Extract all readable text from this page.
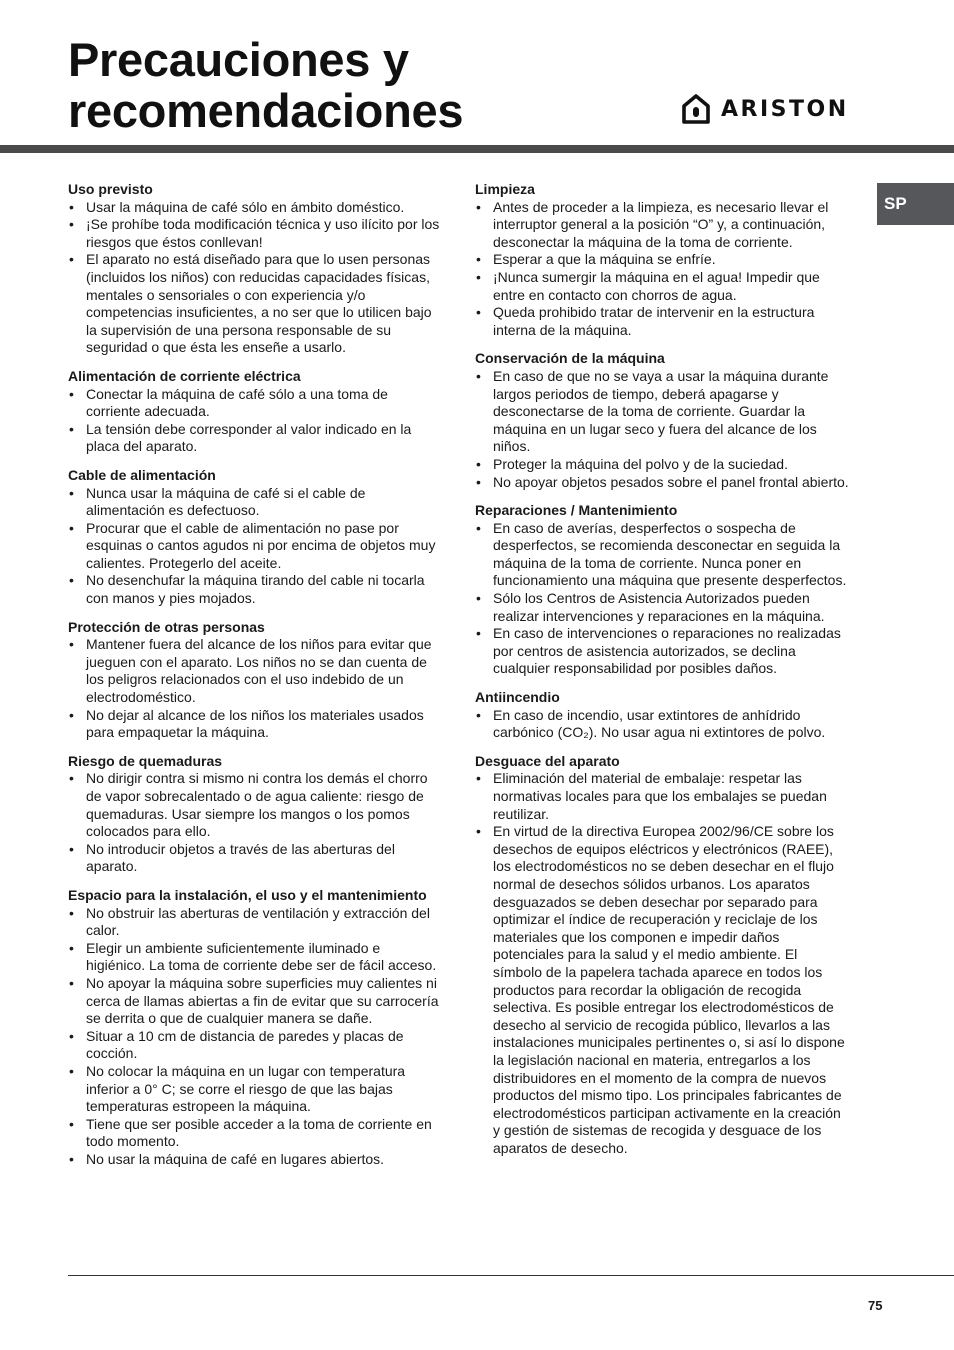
Precauciones y
recomendaciones	ARISTON
SP

Uso previsto

• Usar la máquina de café sólo en ámbito doméstico.
• ¡Se prohíbe toda modificación técnica y uso ilícito por los riesgos que éstos conllevan!
• El aparato no está diseñado para que lo usen personas (incluidos los niños) con reducidas capacidades físicas, mentales o sensoriales o con experiencia y/o competencias insuficientes, a no ser que lo utilicen bajo la supervisión de una persona responsable de su seguridad o que ésta les enseñe a usarlo.

Alimentación de corriente eléctrica

• Conectar la máquina de café sólo a una toma de corriente adecuada.
• La tensión debe corresponder al valor indicado en la placa del aparato.

Cable de alimentación

• Nunca usar la máquina de café si el cable de alimentación es defectuoso.
• Procurar que el cable de alimentación no pase por esquinas o cantos agudos ni por encima de objetos muy calientes. Protegerlo del aceite.
• No desenchufar la máquina tirando del cable ni tocarla con manos y pies mojados.

Protección de otras personas

• Mantener fuera del alcance de los niños para evitar que jueguen con el aparato. Los niños no se dan cuenta de los peligros relacionados con el uso indebido de un electrodoméstico.
• No dejar al alcance de los niños los materiales usados para empaquetar la máquina.

Riesgo de quemaduras

• No dirigir contra si mismo ni contra los demás el chorro de vapor sobrecalentado o de agua caliente: riesgo de quemaduras. Usar siempre los mangos o los pomos colocados para ello.
• No introducir objetos a través de las aberturas del aparato.

Espacio para la instalación, el uso y el mantenimiento

• No obstruir las aberturas de ventilación y extracción del calor.
• Elegir un ambiente suficientemente iluminado e higiénico. La toma de corriente debe ser de fácil acceso.
• No apoyar la máquina sobre superficies muy calientes ni cerca de llamas abiertas a fin de evitar que su carrocería se derrita o que de cualquier manera se dañe.
• Situar a 10 cm de distancia de paredes y placas de cocción.
• No colocar la máquina en un lugar con temperatura inferior a 0° C; se corre el riesgo de que las bajas temperaturas estropeen la máquina.
• Tiene que ser posible acceder a la toma de corriente en todo momento.
• No usar la máquina de café en lugares abiertos.

Limpieza

• Antes de proceder a la limpieza, es necesario llevar el interruptor general a la posición “O” y, a continuación, desconectar la máquina de la toma de corriente.
• Esperar a que la máquina se enfríe.
• ¡Nunca sumergir la máquina en el agua! Impedir que entre en contacto con chorros de agua.
• Queda prohibido tratar de intervenir en la estructura interna de la máquina.

Conservación de la máquina

• En caso de que no se vaya a usar la máquina durante largos periodos de tiempo, deberá apagarse y desconectarse de la toma de corriente. Guardar la máquina en un lugar seco y fuera del alcance de los niños.
• Proteger la máquina del polvo y de la suciedad.
• No apoyar objetos pesados sobre el panel frontal abierto.

Reparaciones / Mantenimiento

• En caso de averías, desperfectos o sospecha de desperfectos, se recomienda desconectar en seguida la máquina de la toma de corriente. Nunca poner en funcionamiento una máquina que presente desperfectos.
• Sólo los Centros de Asistencia Autorizados pueden realizar intervenciones y reparaciones en la máquina.
• En caso de intervenciones o reparaciones no realizadas por centros de asistencia autorizados, se declina cualquier responsabilidad por posibles daños.

Antiincendio

• En caso de incendio, usar extintores de anhídrido carbónico (CO₂). No usar agua ni extintores de polvo.

Desguace del aparato

• Eliminación del material de embalaje: respetar las normativas locales para que los embalajes se puedan reutilizar.
• En virtud de la directiva Europea 2002/96/CE sobre los desechos de equipos eléctricos y electrónicos (RAEE), los electrodomésticos no se deben desechar en el flujo normal de desechos sólidos urbanos. Los aparatos desguazados se deben desechar por separado para optimizar el índice de recuperación y reciclaje de los materiales que los componen e impedir daños potenciales para la salud y el medio ambiente. El símbolo de la papelera tachada aparece en todos los productos para recordar la obligación de recogida selectiva. Es posible entregar los electrodomésticos de desecho al servicio de recogida público, llevarlos a las instalaciones municipales pertinentes o, si así lo dispone la legislación nacional en materia, entregarlos a los distribuidores en el momento de la compra de nuevos productos del mismo tipo. Los principales fabricantes de electrodomésticos participan activamente en la creación y gestión de sistemas de recogida y desguace de los aparatos de desecho.
75
